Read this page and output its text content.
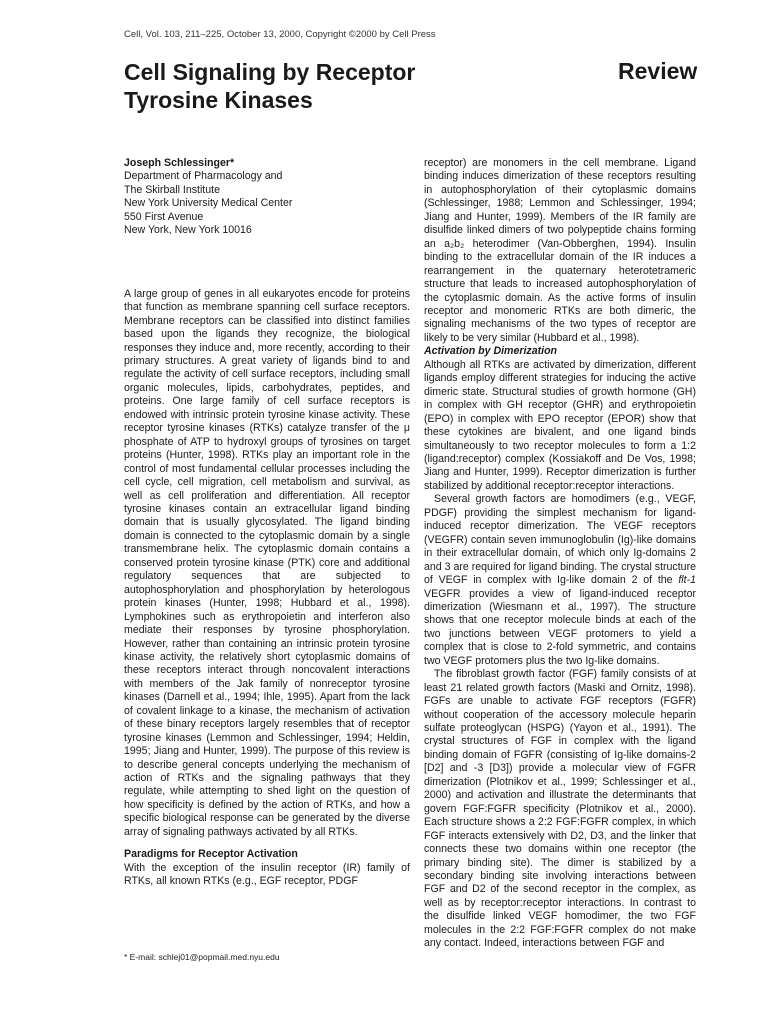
Cell, Vol. 103, 211–225, October 13, 2000, Copyright ©2000 by Cell Press
Cell Signaling by Receptor Tyrosine Kinases
Review
Joseph Schlessinger*
Department of Pharmacology and
The Skirball Institute
New York University Medical Center
550 First Avenue
New York, New York 10016

A large group of genes in all eukaryotes encode for proteins that function as membrane spanning cell surface receptors. Membrane receptors can be classified into distinct families based upon the ligands they recognize, the biological responses they induce and, more recently, according to their primary structures. A great variety of ligands bind to and regulate the activity of cell surface receptors, including small organic molecules, lipids, carbohydrates, peptides, and proteins. One large family of cell surface receptors is endowed with intrinsic protein tyrosine kinase activity. These receptor tyrosine kinases (RTKs) catalyze transfer of the μ phosphate of ATP to hydroxyl groups of tyrosines on target proteins (Hunter, 1998). RTKs play an important role in the control of most fundamental cellular processes including the cell cycle, cell migration, cell metabolism and survival, as well as cell proliferation and differentiation. All receptor tyrosine kinases contain an extracellular ligand binding domain that is usually glycosylated. The ligand binding domain is connected to the cytoplasmic domain by a single transmembrane helix. The cytoplasmic domain contains a conserved protein tyrosine kinase (PTK) core and additional regulatory sequences that are subjected to autophosphorylation and phosphorylation by heterologous protein kinases (Hunter, 1998; Hubbard et al., 1998). Lymphokines such as erythropoietin and interferon also mediate their responses by tyrosine phosphorylation. However, rather than containing an intrinsic protein tyrosine kinase activity, the relatively short cytoplasmic domains of these receptors interact through noncovalent interactions with members of the Jak family of nonreceptor tyrosine kinases (Darnell et al., 1994; Ihle, 1995). Apart from the lack of covalent linkage to a kinase, the mechanism of activation of these binary receptors largely resembles that of receptor tyrosine kinases (Lemmon and Schlessinger, 1994; Heldin, 1995; Jiang and Hunter, 1999). The purpose of this review is to describe general concepts underlying the mechanism of action of RTKs and the signaling pathways that they regulate, while attempting to shed light on the question of how specificity is defined by the action of RTKs, and how a specific biological response can be generated by the diverse array of signaling pathways activated by all RTKs.

Paradigms for Receptor Activation

With the exception of the insulin receptor (IR) family of RTKs, all known RTKs (e.g., EGF receptor, PDGF

receptor) are monomers in the cell membrane. Ligand binding induces dimerization of these receptors resulting in autophosphorylation of their cytoplasmic domains (Schlessinger, 1988; Lemmon and Schlessinger, 1994; Jiang and Hunter, 1999). Members of the IR family are disulfide linked dimers of two polypeptide chains forming an a₂b₂ heterodimer (Van-Obberghen, 1994). Insulin binding to the extracellular domain of the IR induces a rearrangement in the quaternary heterotetrameric structure that leads to increased autophosphorylation of the cytoplasmic domain. As the active forms of insulin receptor and monomeric RTKs are both dimeric, the signaling mechanisms of the two types of receptor are likely to be very similar (Hubbard et al., 1998).

Activation by Dimerization

Although all RTKs are activated by dimerization, different ligands employ different strategies for inducing the active dimeric state. Structural studies of growth hormone (GH) in complex with GH receptor (GHR) and erythropoietin (EPO) in complex with EPO receptor (EPOR) show that these cytokines are bivalent, and one ligand binds simultaneously to two receptor molecules to form a 1:2 (ligand:receptor) complex (Kossiakoff and De Vos, 1998; Jiang and Hunter, 1999). Receptor dimerization is further stabilized by additional receptor:receptor interactions.

Several growth factors are homodimers (e.g., VEGF, PDGF) providing the simplest mechanism for ligand-induced receptor dimerization. The VEGF receptors (VEGFR) contain seven immunoglobulin (Ig)-like domains in their extracellular domain, of which only Ig-domains 2 and 3 are required for ligand binding. The crystal structure of VEGF in complex with Ig-like domain 2 of the flt-1 VEGFR provides a view of ligand-induced receptor dimerization (Wiesmann et al., 1997). The structure shows that one receptor molecule binds at each of the two junctions between VEGF protomers to yield a complex that is close to 2-fold symmetric, and contains two VEGF protomers plus the two Ig-like domains.

The fibroblast growth factor (FGF) family consists of at least 21 related growth factors (Maski and Ornitz, 1998). FGFs are unable to activate FGF receptors (FGFR) without cooperation of the accessory molecule heparin sulfate proteoglycan (HSPG) (Yayon et al., 1991). The crystal structures of FGF in complex with the ligand binding domain of FGFR (consisting of Ig-like domains-2 [D2] and -3 [D3]) provide a molecular view of FGFR dimerization (Plotnikov et al., 1999; Schlessinger et al., 2000) and activation and illustrate the determinants that govern FGF:FGFR specificity (Plotnikov et al., 2000). Each structure shows a 2:2 FGF:FGFR complex, in which FGF interacts extensively with D2, D3, and the linker that connects these two domains within one receptor (the primary binding site). The dimer is stabilized by a secondary binding site involving interactions between FGF and D2 of the second receptor in the complex, as well as by receptor:receptor interactions. In contrast to the disulfide linked VEGF homodimer, the two FGF molecules in the 2:2 FGF:FGFR complex do not make any contact. Indeed, interactions between FGF and

* E-mail: schlej01@popmail.med.nyu.edu
